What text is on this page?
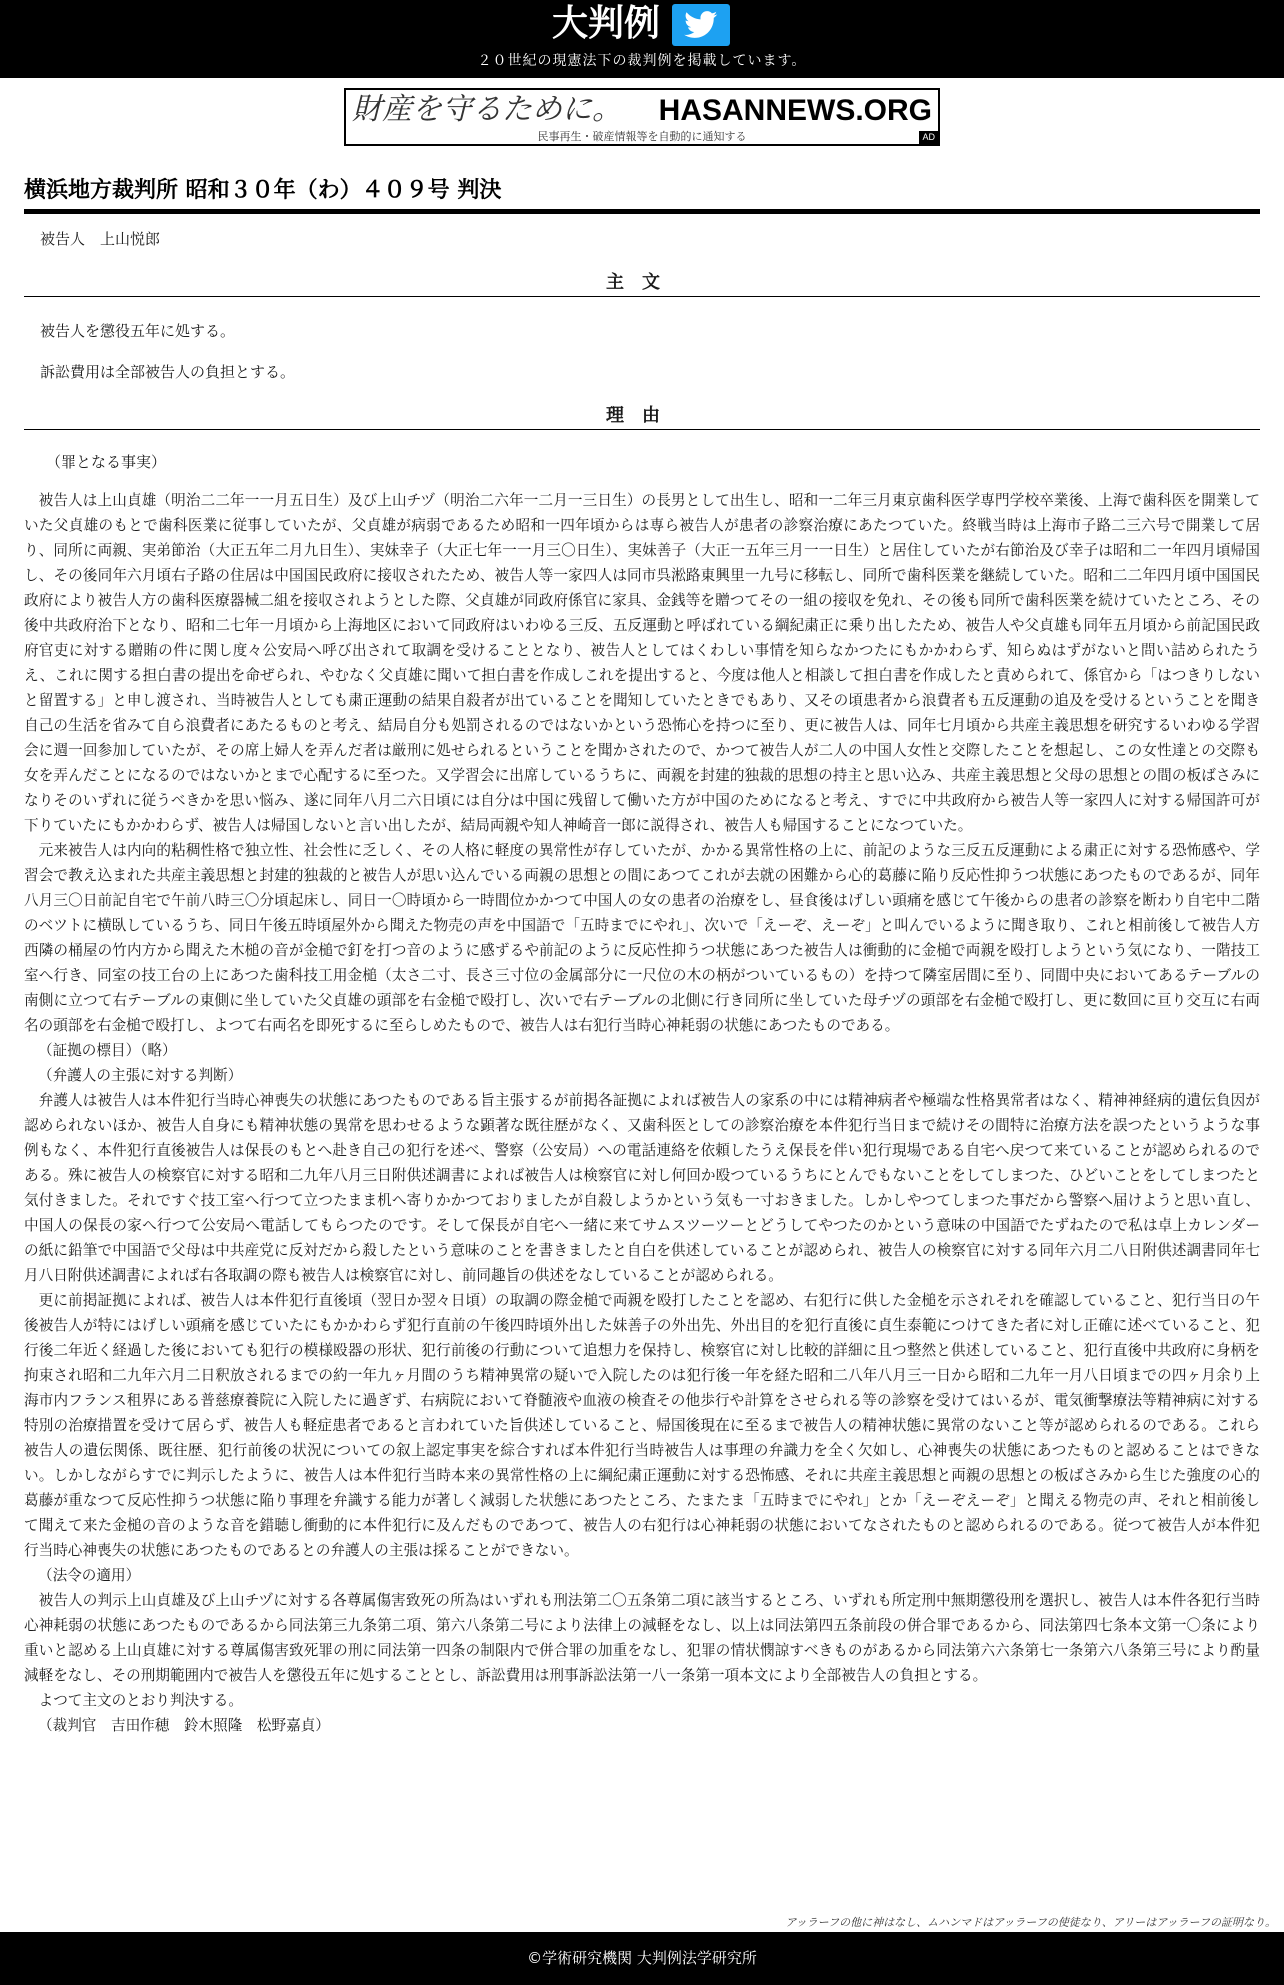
大判例
２０世紀の現憲法下の裁判例を掲載しています。
財産を守るために。 HASANNEWS.ORG
民事再生・破産情報等を自動的に通知する	AD
横浜地方裁判所 昭和３０年（わ）４０９号 判決
被告人　上山悦郎
主文
被告人を懲役五年に処する。
訴訟費用は全部被告人の負担とする。
理由
（罪となる事実）

被告人は上山貞雄（明治二二年一一月五日生）及び上山チヅ（明治二六年一二月一三日生）の長男として出生し、昭和一二年三月東京歯科医学専門学校卒業後、上海で歯科医を開業していた父貞雄のもとで歯科医業に従事していたが、父貞雄が病弱であるため昭和一四年頃からは専ら被告人が患者の診察治療にあたつていた。終戦当時は上海市子路二三六号で開業して居り、同所に両親、実弟節治（大正五年二月九日生）、実妹幸子（大正七年一一月三〇日生）、実妹善子（大正一五年三月一一日生）と居住していたが右節治及び幸子は昭和二一年四月頃帰国し、その後同年六月頃右子路の住居は中国国民政府に接収されたため、被告人等一家四人は同市呉淞路東興里一九号に移転し、同所で歯科医業を継続していた。昭和二二年四月頃中国国民政府により被告人方の歯科医療器械二組を接収されようとした際、父貞雄が同政府係官に家具、金銭等を贈つてその一組の接収を免れ、その後も同所で歯科医業を続けていたところ、その後中共政府治下となり、昭和二七年一月頃から上海地区において同政府はいわゆる三反、五反運動と呼ばれている綱紀粛正に乗り出したため、被告人や父貞雄も同年五月頃から前記国民政府官吏に対する贈賄の件に関し度々公安局へ呼び出されて取調を受けることとなり、被告人としてはくわしい事情を知らなかつたにもかかわらず、知らぬはずがないと問い詰められたうえ、これに関する担白書の提出を命ぜられ、やむなく父貞雄に聞いて担白書を作成しこれを提出すると、今度は他人と相談して担白書を作成したと責められて、係官から「はつきりしないと留置する」と申し渡され、当時被告人としても粛正運動の結果自殺者が出ていることを聞知していたときでもあり、又その頃患者から浪費者も五反運動の追及を受けるということを聞き自己の生活を省みて自ら浪費者にあたるものと考え、結局自分も処罰されるのではないかという恐怖心を持つに至り、更に被告人は、同年七月頃から共産主義思想を研究するいわゆる学習会に週一回参加していたが、その席上婦人を弄んだ者は厳刑に処せられるということを聞かされたので、かつて被告人が二人の中国人女性と交際したことを想起し、この女性達との交際も女を弄んだことになるのではないかとまで心配するに至つた。又学習会に出席しているうちに、両親を封建的独裁的思想の持主と思い込み、共産主義思想と父母の思想との間の板ばさみになりそのいずれに従うべきかを思い悩み、遂に同年八月二六日頃には自分は中国に残留して働いた方が中国のためになると考え、すでに中共政府から被告人等一家四人に対する帰国許可が下りていたにもかかわらず、被告人は帰国しないと言い出したが、結局両親や知人神崎音一郎に説得され、被告人も帰国することになつていた。

元来被告人は内向的粘稠性格で独立性、社会性に乏しく、その人格に軽度の異常性が存していたが、かかる異常性格の上に、前記のような三反五反運動による粛正に対する恐怖感や、学習会で教え込まれた共産主義思想と封建的独裁的と被告人が思い込んでいる両親の思想との間にあつてこれが去就の困難から心的葛藤に陥り反応性抑うつ状態にあつたものであるが、同年八月三〇日前記自宅で午前八時三〇分頃起床し、同日一〇時頃から一時間位かかつて中国人の女の患者の治療をし、昼食後はげしい頭痛を感じて午後からの患者の診察を断わり自宅中二階のベツトに横臥しているうち、同日午後五時頃屋外から聞えた物売の声を中国語で「五時までにやれ」、次いで「えーぞ、えーぞ」と叫んでいるように聞き取り、これと相前後して被告人方西隣の桶屋の竹内方から聞えた木槌の音が金槌で釘を打つ音のように感ずるや前記のように反応性抑うつ状態にあつた被告人は衝動的に金槌で両親を殴打しようという気になり、一階技工室へ行き、同室の技工台の上にあつた歯科技工用金槌（太さ二寸、長さ三寸位の金属部分に一尺位の木の柄がついているもの）を持つて隣室居間に至り、同間中央においてあるテーブルの南側に立つて右テーブルの東側に坐していた父貞雄の頭部を右金槌で殴打し、次いで右テーブルの北側に行き同所に坐していた母チヅの頭部を右金槌で殴打し、更に数回に亘り交互に右両名の頭部を右金槌で殴打し、よつて右両名を即死するに至らしめたもので、被告人は右犯行当時心神耗弱の状態にあつたものである。

（証拠の標目）（略）

（弁護人の主張に対する判断）

弁護人は被告人は本件犯行当時心神喪失の状態にあつたものである旨主張するが前掲各証拠によれば被告人の家系の中には精神病者や極端な性格異常者はなく、精神神経病的遺伝負因が認められないほか、被告人自身にも精神状態の異常を思わせるような顕著な既往歴がなく、又歯科医としての診察治療を本件犯行当日まで続けその間特に治療方法を誤つたというような事例もなく、本件犯行直後被告人は保長のもとへ赴き自己の犯行を述べ、警察（公安局）への電話連絡を依頼したうえ保長を伴い犯行現場である自宅へ戻つて来ていることが認められるのである。殊に被告人の検察官に対する昭和二九年八月三日附供述調書によれば被告人は検察官に対し何回か殴つているうちにとんでもないことをしてしまつた、ひどいことをしてしまつたと気付きました。それですぐ技工室へ行つて立つたまま机へ寄りかかつておりましたが自殺しようかという気も一寸おきました。しかしやつてしまつた事だから警察へ届けようと思い直し、中国人の保長の家へ行つて公安局へ電話してもらつたのです。そして保長が自宅へ一緒に来てサムスツーツーとどうしてやつたのかという意味の中国語でたずねたので私は卓上カレンダーの紙に鉛筆で中国語で父母は中共産党に反対だから殺したという意味のことを書きましたと自白を供述していることが認められ、被告人の検察官に対する同年六月二八日附供述調書同年七月八日附供述調書によれば右各取調の際も被告人は検察官に対し、前同趣旨の供述をなしていることが認められる。

更に前掲証拠によれば、被告人は本件犯行直後頃（翌日か翌々日頃）の取調の際金槌で両親を殴打したことを認め、右犯行に供した金槌を示されそれを確認していること、犯行当日の午後被告人が特にはげしい頭痛を感じていたにもかかわらず犯行直前の午後四時頃外出した妹善子の外出先、外出目的を犯行直後に貞生泰範につけてきた者に対し正確に述べていること、犯行後二年近く経過した後においても犯行の模様殴器の形状、犯行前後の行動について追想力を保持し、検察官に対し比較的詳細に且つ整然と供述していること、犯行直後中共政府に身柄を拘束され昭和二九年六月二日釈放されるまでの約一年九ヶ月間のうち精神異常の疑いで入院したのは犯行後一年を経た昭和二八年八月三一日から昭和二九年一月八日頃までの四ヶ月余り上海市内フランス租界にある普慈療養院に入院したに過ぎず、右病院において脊髄液や血液の検査その他歩行や計算をさせられる等の診察を受けてはいるが、電気衝撃療法等精神病に対する特別の治療措置を受けて居らず、被告人も軽症患者であると言われていた旨供述していること、帰国後現在に至るまで被告人の精神状態に異常のないこと等が認められるのである。これら被告人の遺伝関係、既往歴、犯行前後の状況についての叙上認定事実を綜合すれば本件犯行当時被告人は事理の弁識力を全く欠如し、心神喪失の状態にあつたものと認めることはできない。しかしながらすでに判示したように、被告人は本件犯行当時本来の異常性格の上に綱紀粛正運動に対する恐怖感、それに共産主義思想と両親の思想との板ばさみから生じた強度の心的葛藤が重なつて反応性抑うつ状態に陥り事理を弁識する能力が著しく減弱した状態にあつたところ、たまたま「五時までにやれ」とか「えーぞえーぞ」と聞える物売の声、それと相前後して聞えて来た金槌の音のような音を錯聴し衝動的に本件犯行に及んだものであつて、被告人の右犯行は心神耗弱の状態においてなされたものと認められるのである。従つて被告人が本件犯行当時心神喪失の状態にあつたものであるとの弁護人の主張は採ることができない。

（法令の適用）

被告人の判示上山貞雄及び上山チヅに対する各尊属傷害致死の所為はいずれも刑法第二〇五条第二項に該当するところ、いずれも所定刑中無期懲役刑を選択し、被告人は本件各犯行当時心神耗弱の状態にあつたものであるから同法第三九条第二項、第六八条第二号により法律上の減軽をなし、以上は同法第四五条前段の併合罪であるから、同法第四七条本文第一〇条により重いと認める上山貞雄に対する尊属傷害致死罪の刑に同法第一四条の制限内で併合罪の加重をなし、犯罪の情状憫諒すべきものがあるから同法第六六条第七一条第六八条第三号により酌量減軽をなし、その刑期範囲内で被告人を懲役五年に処することとし、訴訟費用は刑事訴訟法第一八一条第一項本文により全部被告人の負担とする。

よつて主文のとおり判決する。

（裁判官　吉田作穂　鈴木照隆　松野嘉貞）

アッラーフの他に神はなし、ムハンマドはアッラーフの使徒なり、アリーはアッラーフの証明なり。
©学術研究機関 大判例法学研究所
